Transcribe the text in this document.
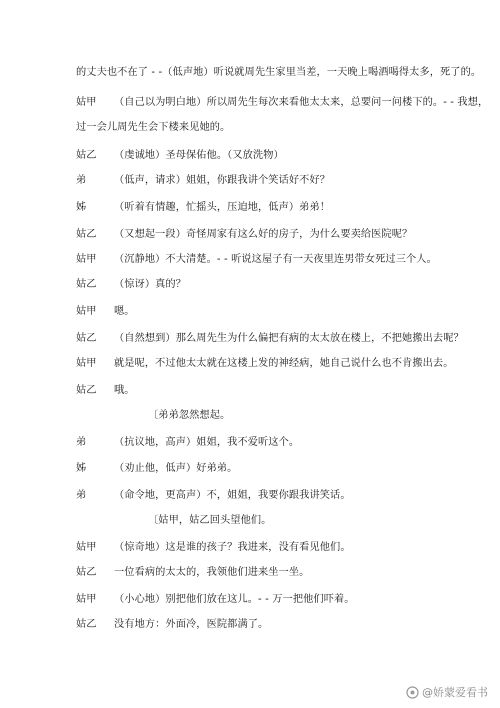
的丈夫也不在了 - -（低声地）听说就周先生家里当差，一天晚上喝酒喝得太多，死了的。
姑甲 （自己以为明白地）所以周先生每次来看他太太来，总要问一问楼下的。- - 我想，
过一会儿周先生会下楼来见她的。
姑乙 （虔诚地）圣母保佑他。（又放洗物）
弟	（低声，请求）姐姐，你跟我讲个笑话好不好？
姊	（听着有情趣，忙摇头，压迫地，低声）弟弟！
姑乙 （又想起一段）奇怪周家有这么好的房子，为什么要卖给医院呢？
姑甲 （沉静地）不大清楚。- - 听说这屋子有一天夜里连男带女死过三个人。
姑乙 （惊讶）真的？
姑甲 嗯。
姑乙 （自然想到）那么周先生为什么偏把有病的太太放在楼上，不把她搬出去呢？
姑甲 就是呢，不过他太太就在这楼上发的神经病，她自己说什么也不肯搬出去。
姑乙 哦。
〔弟弟忽然想起。
弟	（抗议地，高声）姐姐，我不爱听这个。
姊	（劝止他，低声）好弟弟。
弟	（命令地，更高声）不，姐姐，我要你跟我讲笑话。
〔姑甲，姑乙回头望他们。
姑甲 （惊奇地）这是谁的孩子？我进来，没有看见他们。
姑乙 一位看病的太太的，我领他们进来坐一坐。
姑甲 （小心地）别把他们放在这儿。- - 万一把他们吓着。
姑乙 没有地方：外面冷，医院都满了。
@娇蒙爱看书
